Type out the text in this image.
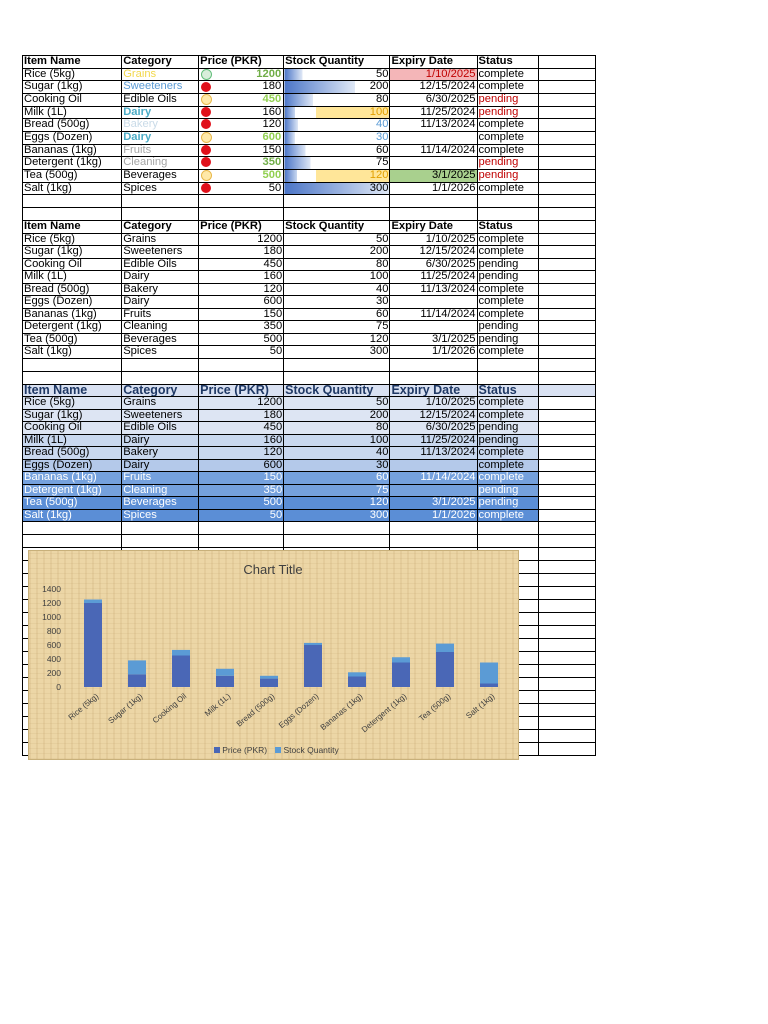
Item Name	Category	Price (PKR)	Stock Quantity	Expiry Date	Status	
Rice (5kg)	Grains	1200	50	1/10/2025	complete	
Sugar (1kg)	Sweeteners	180	200	12/15/2024	complete	
Cooking Oil	Edible Oils	450	80	6/30/2025	pending	
Milk (1L)	Dairy	160	100	11/25/2024	pending	
Bread (500g)	Bakery	120	40	11/13/2024	complete	
Eggs (Dozen)	Dairy	600	30		complete	
Bananas (1kg)	Fruits	150	60	11/14/2024	complete	
Detergent (1kg)	Cleaning	350	75		pending	
Tea (500g)	Beverages	500	120	3/1/2025	pending	
Salt (1kg)	Spices	50	300	1/1/2026	complete	

Item Name	Category	Price (PKR)	Stock Quantity	Expiry Date	Status	
Rice (5kg)	Grains	1200	50	1/10/2025	complete	
Sugar (1kg)	Sweeteners	180	200	12/15/2024	complete	
Cooking Oil	Edible Oils	450	80	6/30/2025	pending	
Milk (1L)	Dairy	160	100	11/25/2024	pending	
Bread (500g)	Bakery	120	40	11/13/2024	complete	
Eggs (Dozen)	Dairy	600	30		complete	
Bananas (1kg)	Fruits	150	60	11/14/2024	complete	
Detergent (1kg)	Cleaning	350	75		pending	
Tea (500g)	Beverages	500	120	3/1/2025	pending	
Salt (1kg)	Spices	50	300	1/1/2026	complete	

Item Name	Category	Price (PKR)	Stock Quantity	Expiry Date	Status	
Rice (5kg)	Grains	1200	50	1/10/2025	complete	
Sugar (1kg)	Sweeteners	180	200	12/15/2024	complete	
Cooking Oil	Edible Oils	450	80	6/30/2025	pending	
Milk (1L)	Dairy	160	100	11/25/2024	pending	
Bread (500g)	Bakery	120	40	11/13/2024	complete	
Eggs (Dozen)	Dairy	600	30		complete	
Bananas (1kg)	Fruits	150	60	11/14/2024	complete	
Detergent (1kg)	Cleaning	350	75		pending	
Tea (500g)	Beverages	500	120	3/1/2025	pending	
Salt (1kg)	Spices	50	300	1/1/2026	complete	

Chart Title
0
200
400
600
800
1000
1200
1400
Rice (5kg) Sugar (1kg) Cooking Oil Milk (1L) Bread (500g) Eggs (Dozen)
Bananas (1kg)
Detergent (1kg) Tea (500g) Salt (1kg)
Price (PKR) Stock Quantity
